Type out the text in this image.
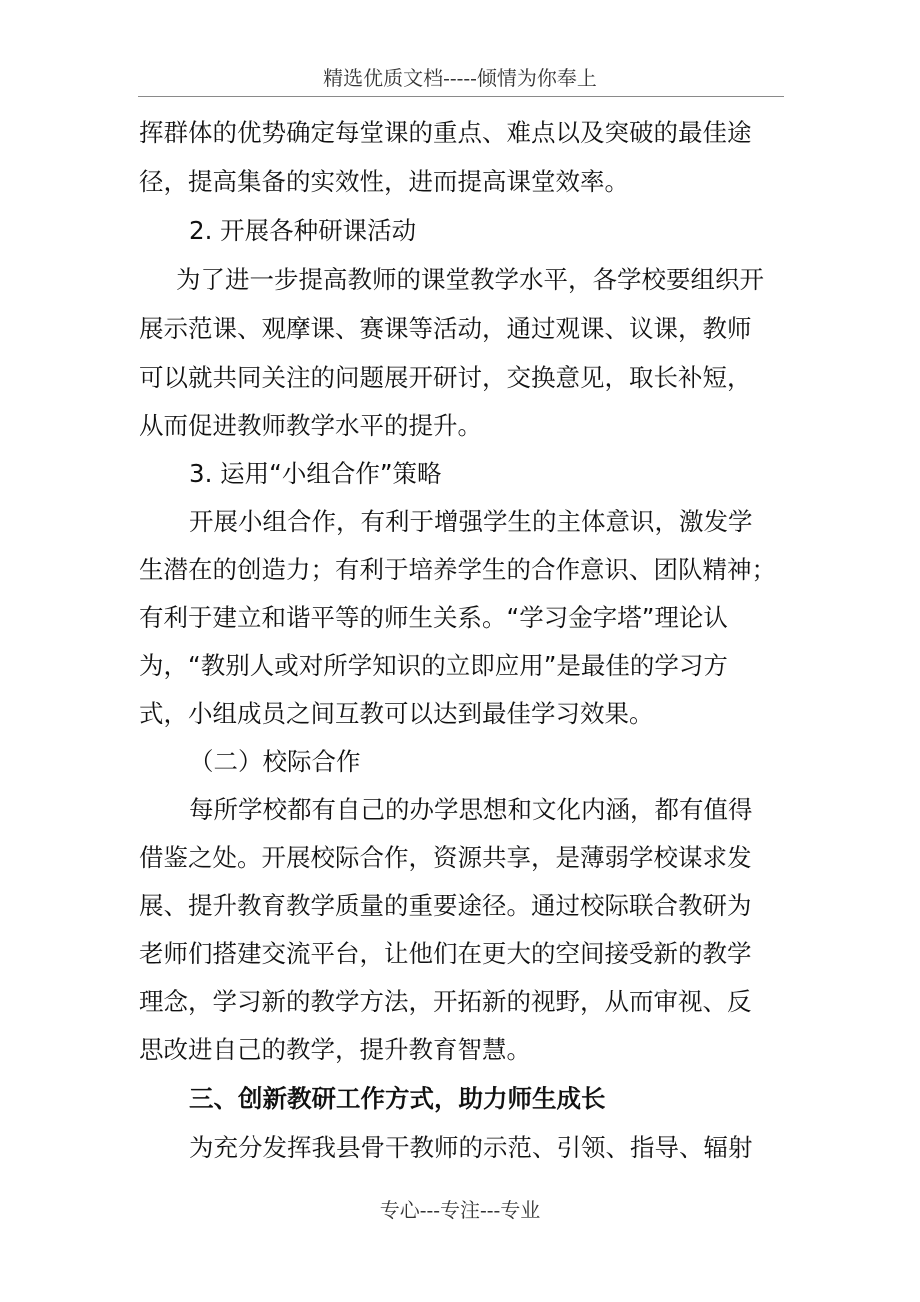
精选优质文档-----倾情为你奉上
挥群体的优势确定每堂课的重点、难点以及突破的最佳途
径，提高集备的实效性，进而提高课堂效率。
2. 开展各种研课活动
为了进一步提高教师的课堂教学水平，各学校要组织开
展示范课、观摩课、赛课等活动，通过观课、议课，教师
可以就共同关注的问题展开研讨，交换意见，取长补短，
从而促进教师教学水平的提升。
3. 运用“小组合作”策略
开展小组合作，有利于增强学生的主体意识，激发学
生潜在的创造力；有利于培养学生的合作意识、团队精神；
有利于建立和谐平等的师生关系。“学习金字塔”理论认
为，“教别人或对所学知识的立即应用”是最佳的学习方
式，小组成员之间互教可以达到最佳学习效果。
（二）校际合作
每所学校都有自己的办学思想和文化内涵，都有值得
借鉴之处。开展校际合作，资源共享，是薄弱学校谋求发
展、提升教育教学质量的重要途径。通过校际联合教研为
老师们搭建交流平台，让他们在更大的空间接受新的教学
理念，学习新的教学方法，开拓新的视野，从而审视、反
思改进自己的教学，提升教育智慧。
三、创新教研工作方式，助力师生成长
为充分发挥我县骨干教师的示范、引领、指导、辐射
专心---专注---专业
